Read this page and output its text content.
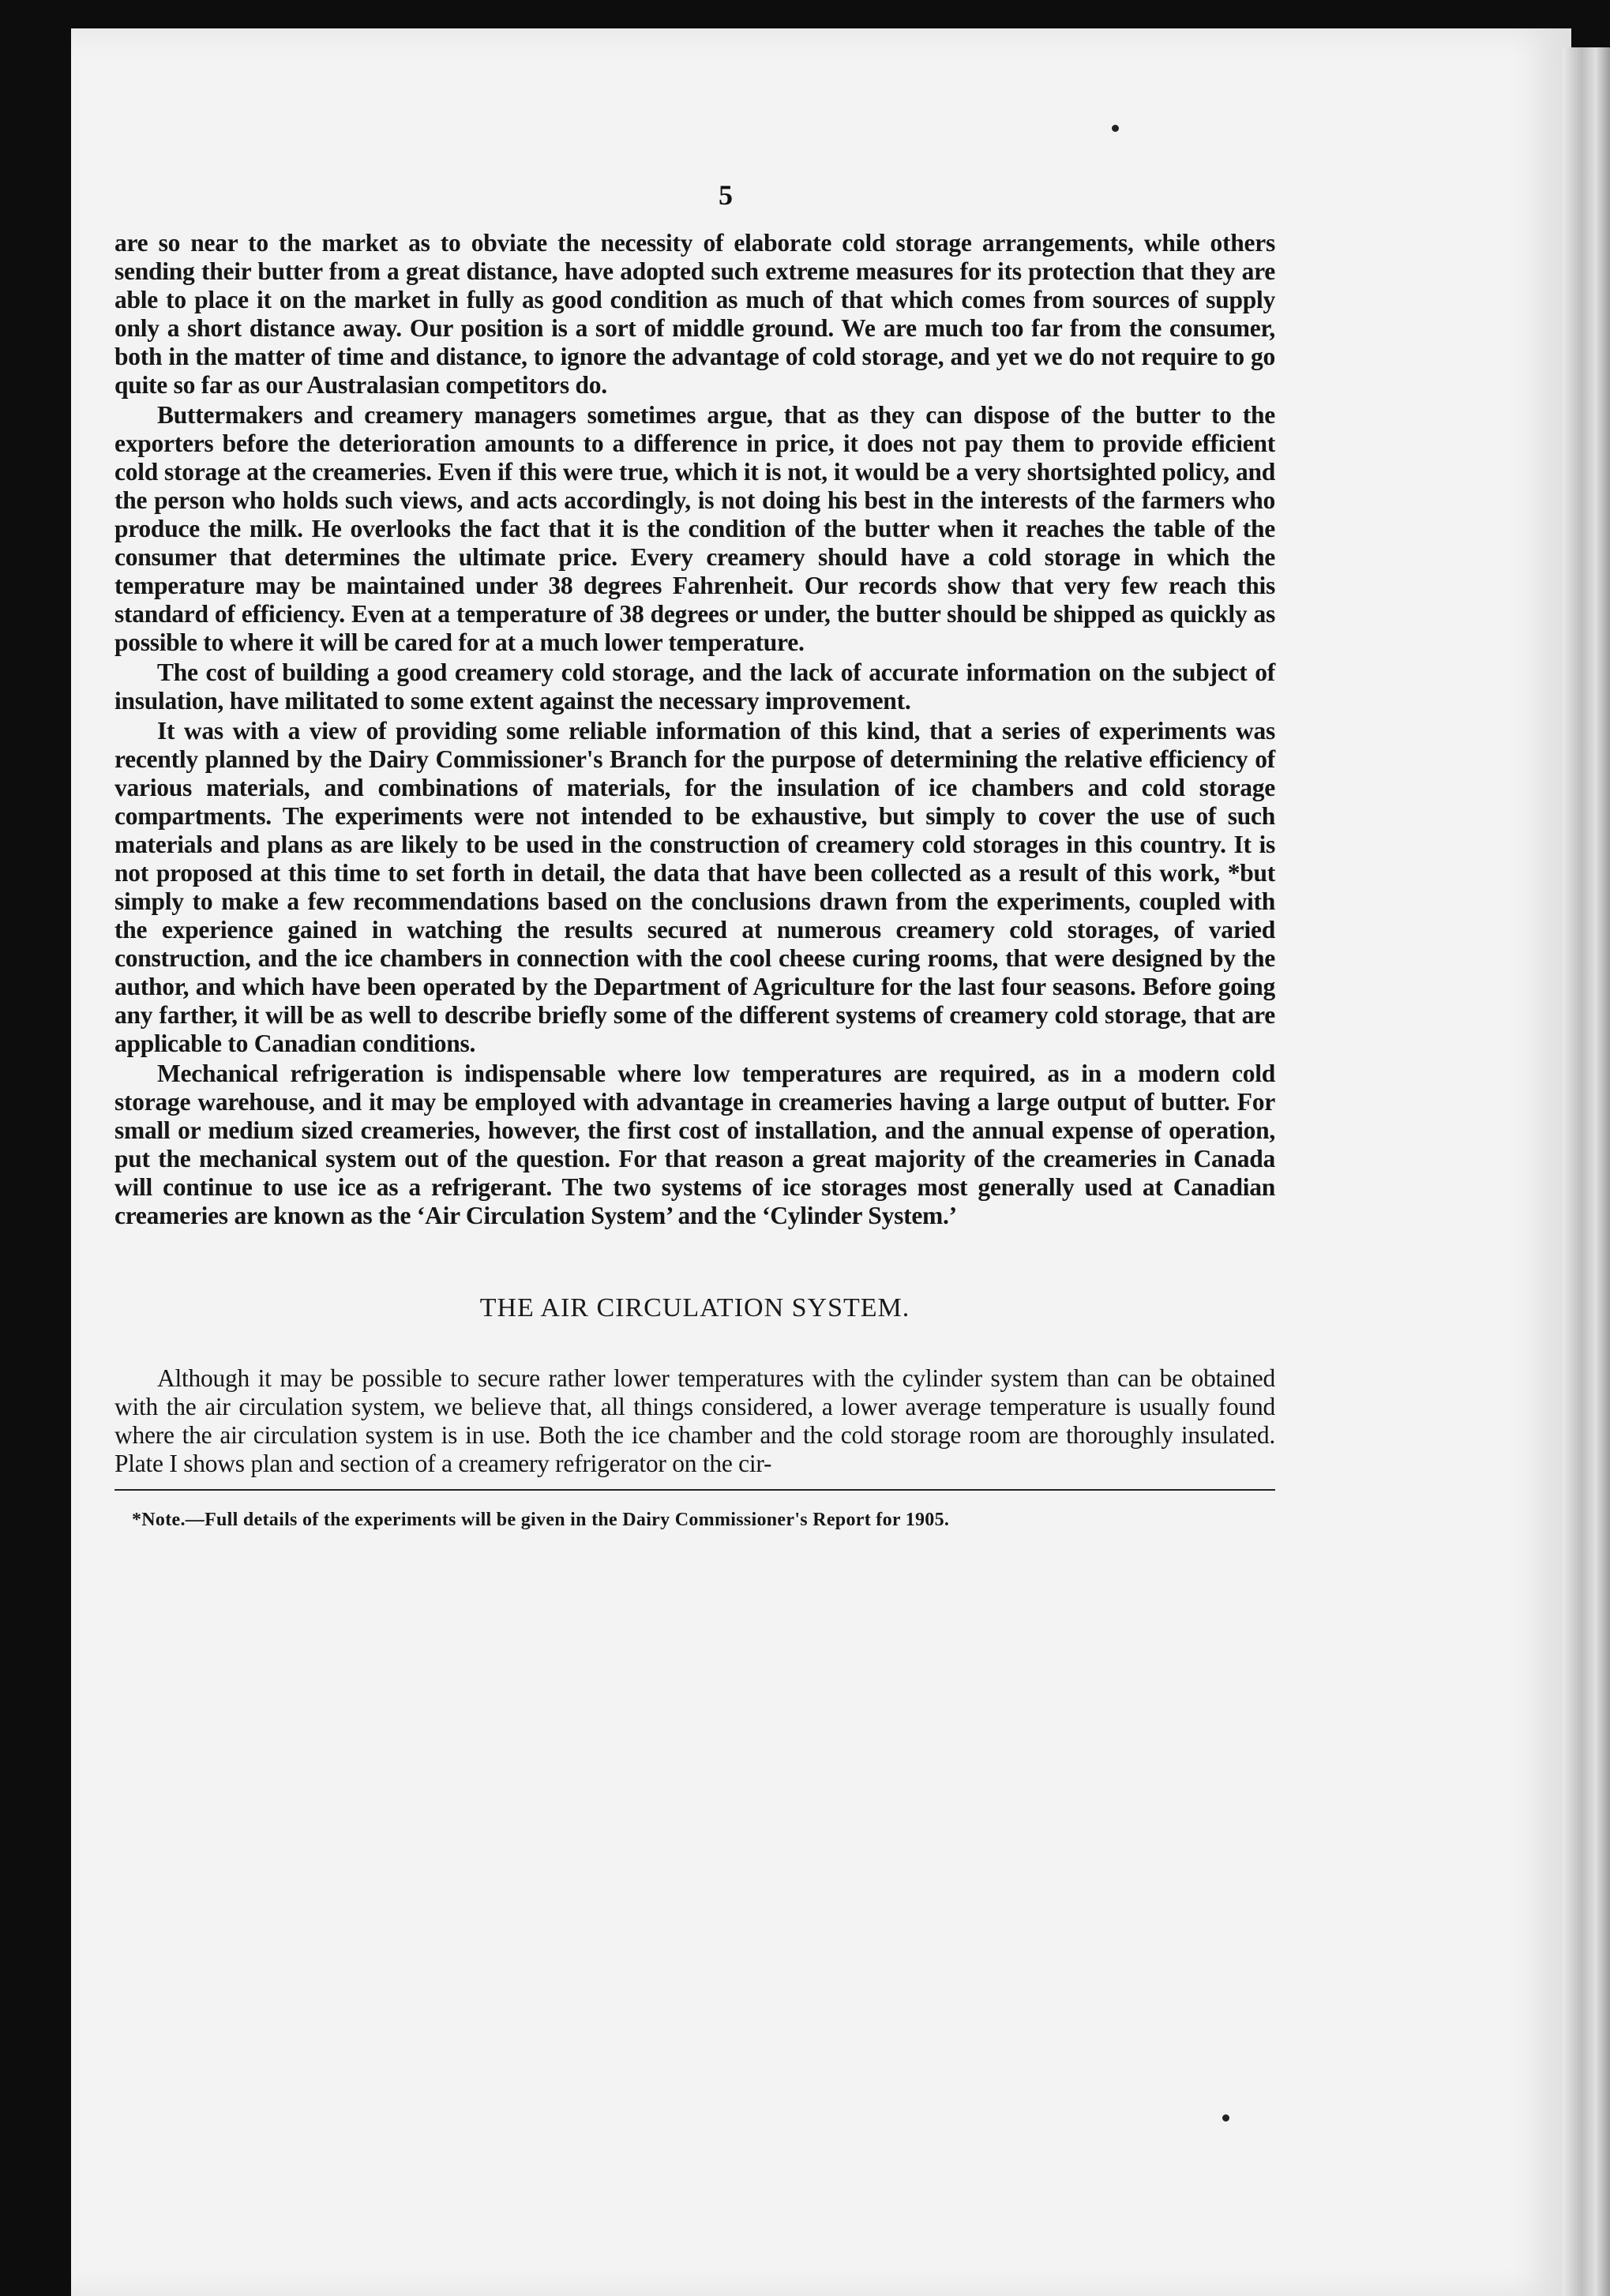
5

are so near to the market as to obviate the necessity of elaborate cold storage arrangements, while others sending their butter from a great distance, have adopted such extreme measures for its protection that they are able to place it on the market in fully as good condition as much of that which comes from sources of supply only a short distance away. Our position is a sort of middle ground. We are much too far from the consumer, both in the matter of time and distance, to ignore the advantage of cold storage, and yet we do not require to go quite so far as our Australasian competitors do.

Buttermakers and creamery managers sometimes argue, that as they can dispose of the butter to the exporters before the deterioration amounts to a difference in price, it does not pay them to provide efficient cold storage at the creameries. Even if this were true, which it is not, it would be a very shortsighted policy, and the person who holds such views, and acts accordingly, is not doing his best in the interests of the farmers who produce the milk. He overlooks the fact that it is the condition of the butter when it reaches the table of the consumer that determines the ultimate price. Every creamery should have a cold storage in which the temperature may be maintained under 38 degrees Fahrenheit. Our records show that very few reach this standard of efficiency. Even at a temperature of 38 degrees or under, the butter should be shipped as quickly as possible to where it will be cared for at a much lower temperature.

The cost of building a good creamery cold storage, and the lack of accurate information on the subject of insulation, have militated to some extent against the necessary improvement.

It was with a view of providing some reliable information of this kind, that a series of experiments was recently planned by the Dairy Commissioner's Branch for the purpose of determining the relative efficiency of various materials, and combinations of materials, for the insulation of ice chambers and cold storage compartments. The experiments were not intended to be exhaustive, but simply to cover the use of such materials and plans as are likely to be used in the construction of creamery cold storages in this country. It is not proposed at this time to set forth in detail, the data that have been collected as a result of this work, *but simply to make a few recommendations based on the conclusions drawn from the experiments, coupled with the experience gained in watching the results secured at numerous creamery cold storages, of varied construction, and the ice chambers in connection with the cool cheese curing rooms, that were designed by the author, and which have been operated by the Department of Agriculture for the last four seasons. Before going any farther, it will be as well to describe briefly some of the different systems of creamery cold storage, that are applicable to Canadian conditions.

Mechanical refrigeration is indispensable where low temperatures are required, as in a modern cold storage warehouse, and it may be employed with advantage in creameries having a large output of butter. For small or medium sized creameries, however, the first cost of installation, and the annual expense of operation, put the mechanical system out of the question. For that reason a great majority of the creameries in Canada will continue to use ice as a refrigerant. The two systems of ice storages most generally used at Canadian creameries are known as the ‘Air Circulation System’ and the ‘Cylinder System.’

THE AIR CIRCULATION SYSTEM.

Although it may be possible to secure rather lower temperatures with the cylinder system than can be obtained with the air circulation system, we believe that, all things considered, a lower average temperature is usually found where the air circulation system is in use. Both the ice chamber and the cold storage room are thoroughly insulated. Plate I shows plan and section of a creamery refrigerator on the cir-

*Note.—Full details of the experiments will be given in the Dairy Commissioner's Report for 1905.
